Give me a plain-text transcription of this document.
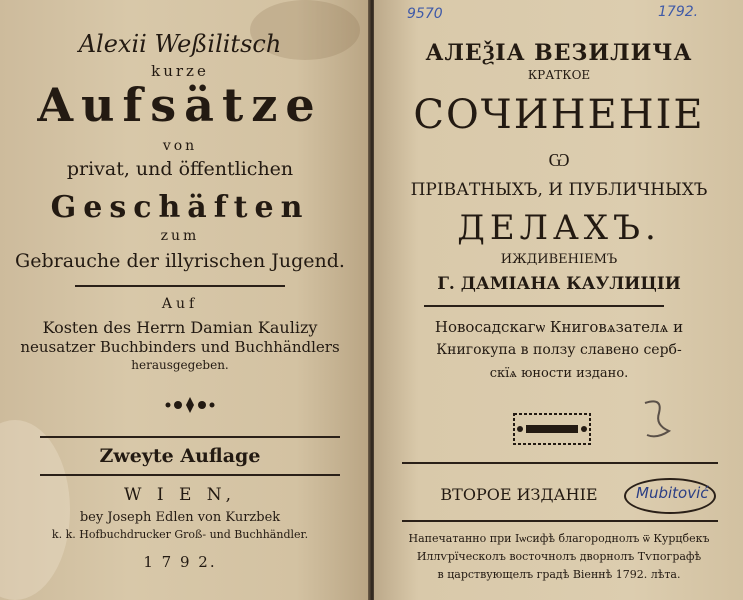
Alexii Weßilitsch
kurze
Aufsätze
von
privat, und öffentlichen
Geschäften
zum
Gebrauche der illyrischen Jugend.
Auf
Kosten des Herrn Damian Kaulizy
neusatzer Buchbinders und Buchhändlers
herausgegeben.
Zweyte Auflage
W I E N,
bey Joseph Edlen von Kurzbek
k. k. Hofbuchdrucker Groß- und Buchhändler.
1 7 9 2.
9570	1792.
АЛЕѮІА ВЕЗИЛИЧА
КРАТКОЕ
СОЧИНЕНІЕ
Ѡ
ПРІВАТНЫХЪ, И ПУБЛИЧНЫХЪ
ДЕЛАХЪ.
ИЖДИВЕНІЕМЪ
Г. ДАМІАНА КАУЛИЦІИ
Новосадскагѡ Книговѧзателѧ и
Книгокупа в ползу славено серб-
скїѧ юности издано.
ВТОРОЕ ИЗДАНІЕ	Mubitović
Напечатанно при Іѡсифѣ благороднолъ ѿ Курцбекъ
Иллѵрїческолъ восточнолъ дворнолъ Тѵпографѣ
в царствующелъ градѣ Віеннѣ 1792. лѣта.
